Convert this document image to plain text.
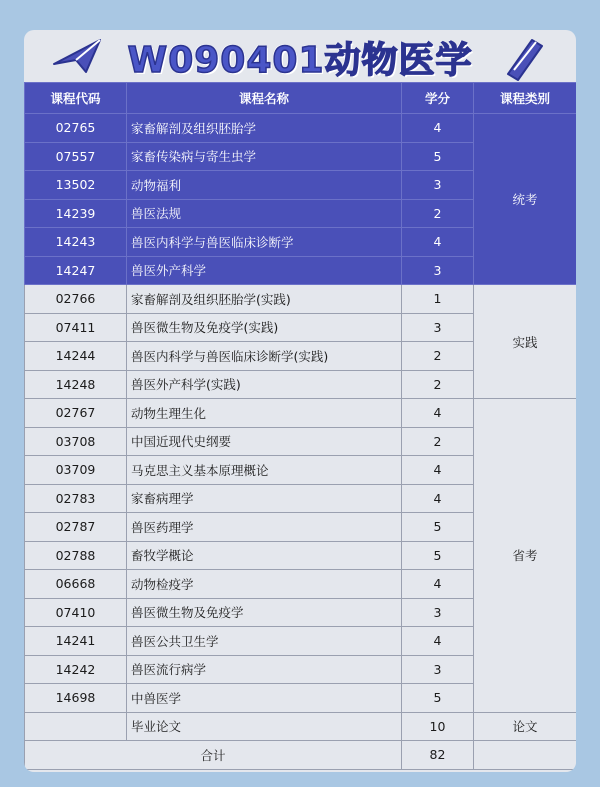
W090401动物医学
课程代码	课程名称	学分	课程类别
02765	家畜解剖及组织胚胎学	4	统考
07557	家畜传染病与寄生虫学	5	
13502	动物福利	3	
14239	兽医法规	2	
14243	兽医内科学与兽医临床诊断学	4	
14247	兽医外产科学	3	
02766	家畜解剖及组织胚胎学(实践)	1	实践
07411	兽医微生物及免疫学(实践)	3	
14244	兽医内科学与兽医临床诊断学(实践)	2	
14248	兽医外产科学(实践)	2	
02767	动物生理生化	4	省考
03708	中国近现代史纲要	2	
03709	马克思主义基本原理概论	4	
02783	家畜病理学	4	
02787	兽医药理学	5	
02788	畜牧学概论	5	
06668	动物检疫学	4	
07410	兽医微生物及免疫学	3	
14241	兽医公共卫生学	4	
14242	兽医流行病学	3	
14698	中兽医学	5	
	毕业论文	10	论文
合计		82	
